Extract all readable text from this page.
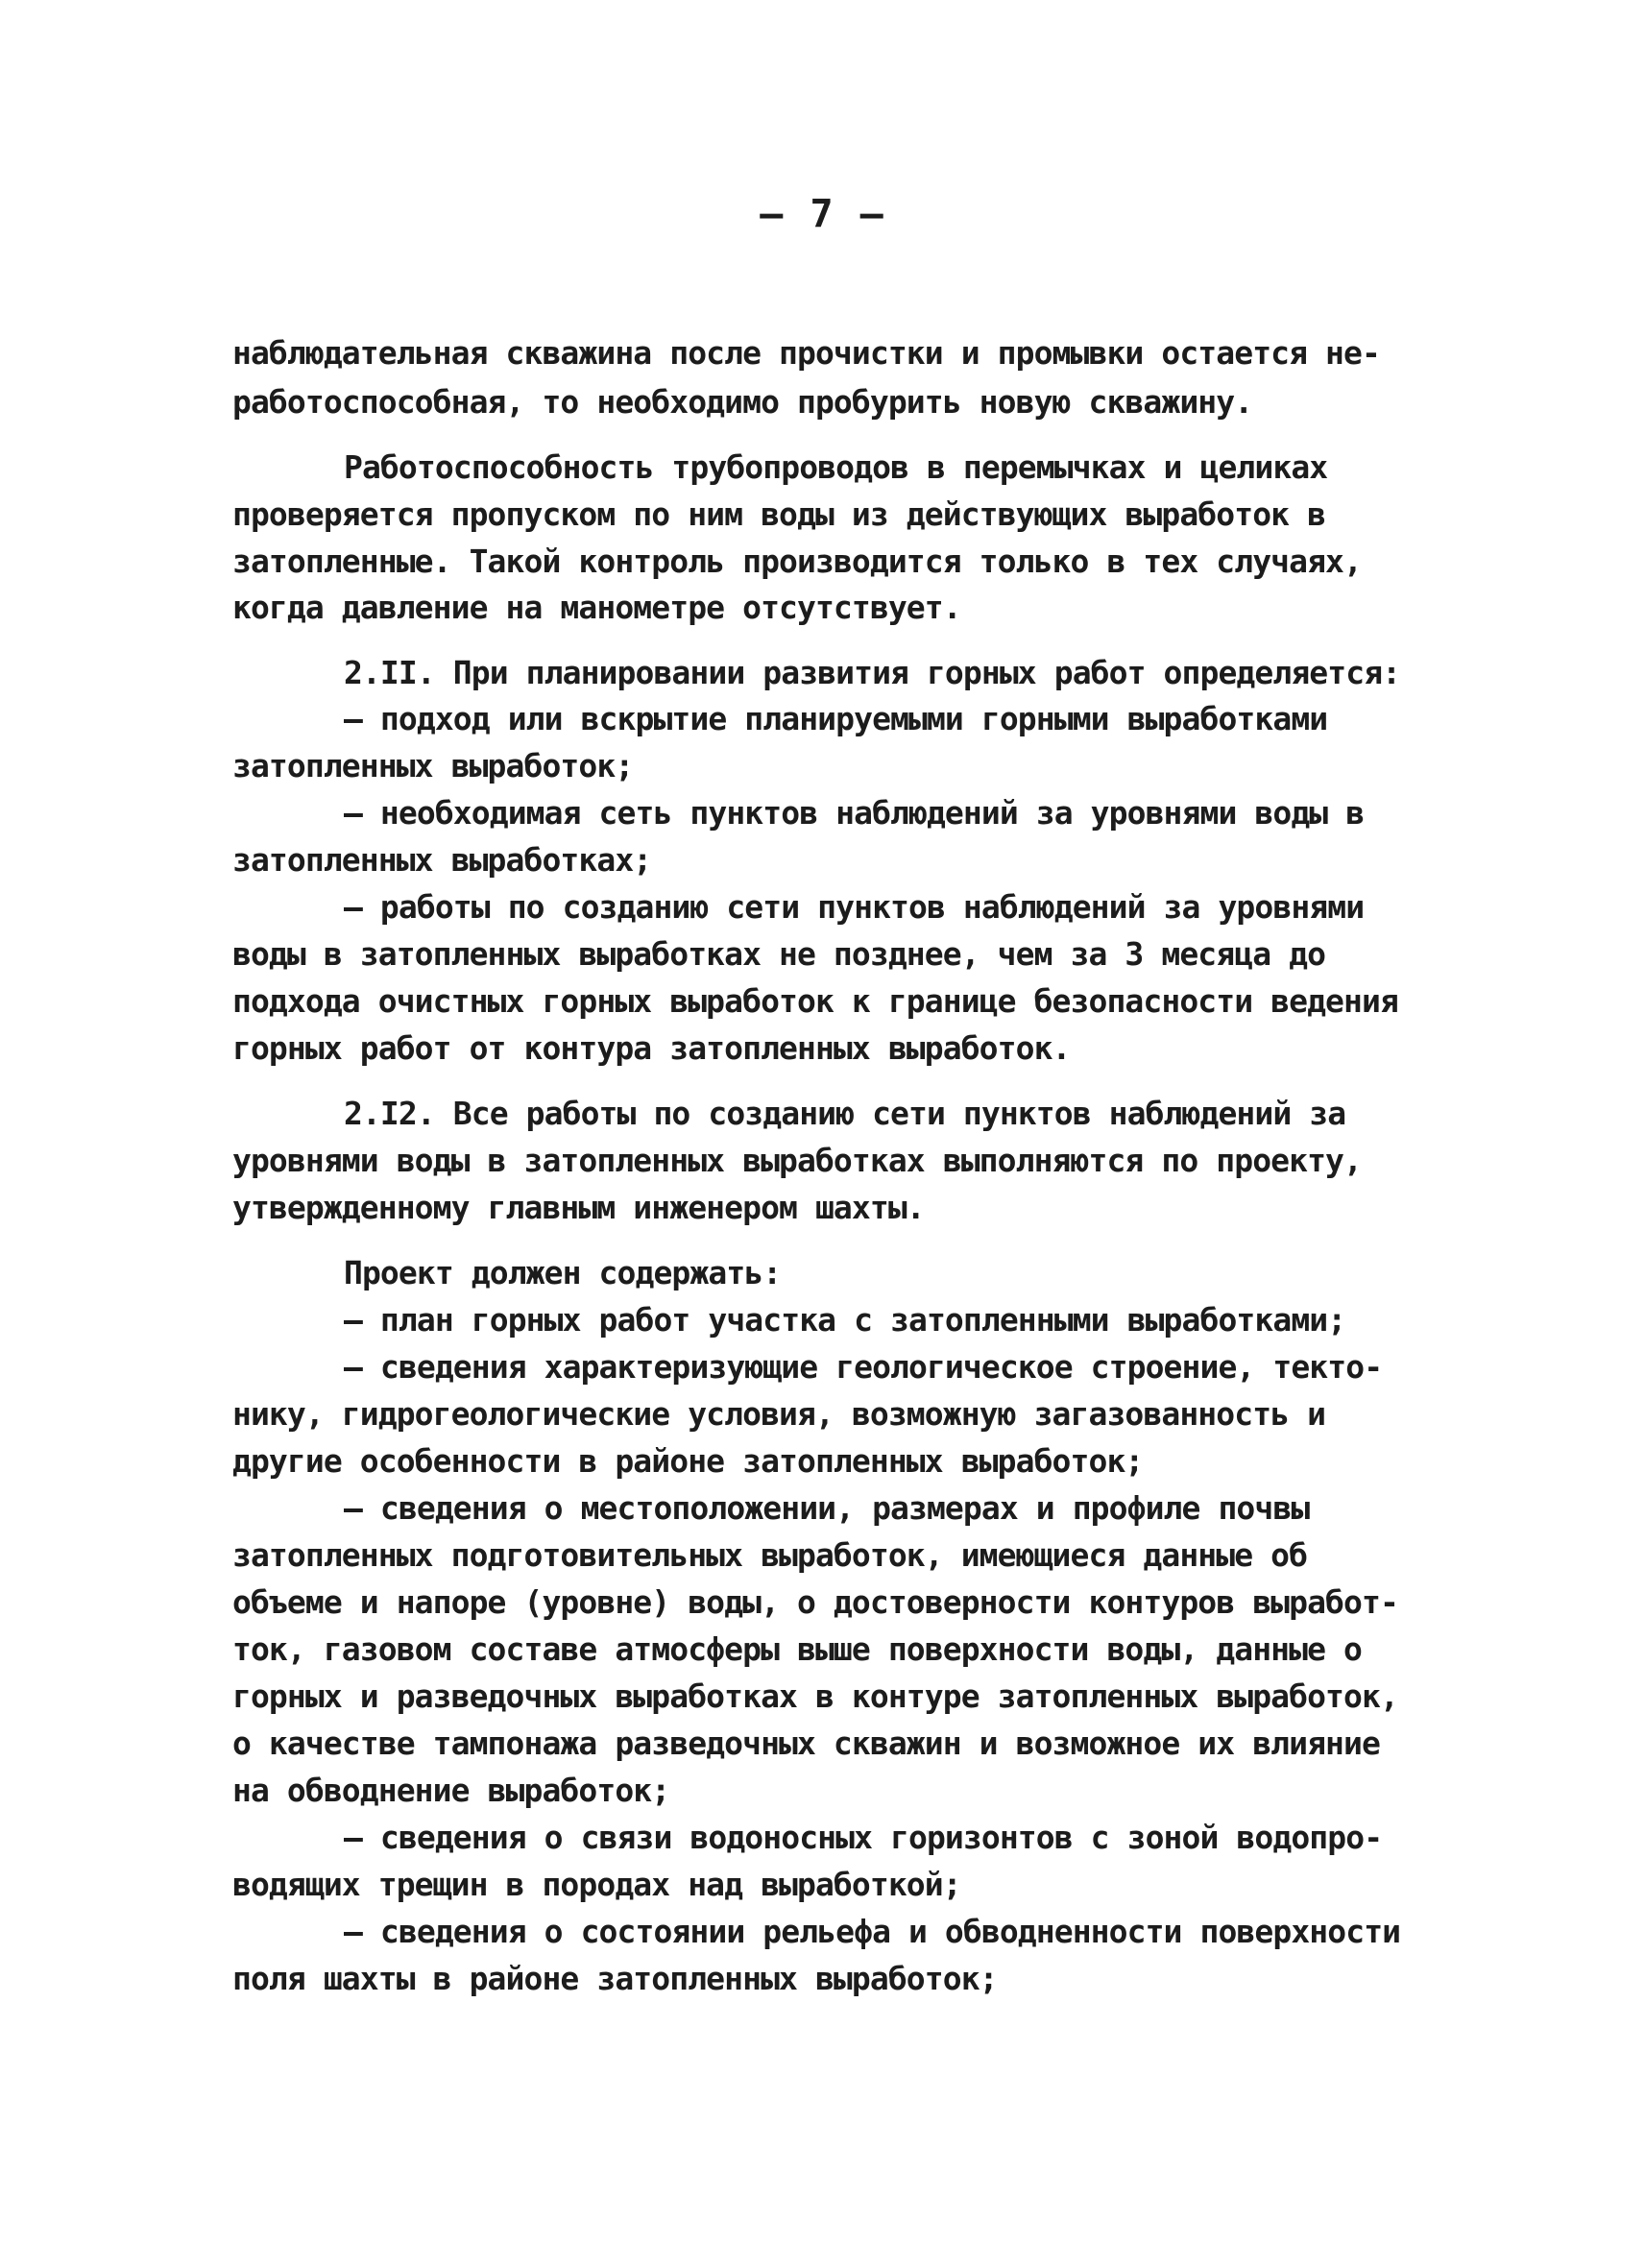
– 7 –
наблюдательная скважина после прочистки и промывки остается не-
работоспособная, то необходимо пробурить новую скважину.
Работоспособность трубопроводов в перемычках и целиках
проверяется пропуском по ним воды из действующих выработок в
затопленные. Такой контроль производится только в тех случаях,
когда давление на манометре отсутствует.
2.II. При планировании развития горных работ определяется:
– подход или вскрытие планируемыми горными выработками
затопленных выработок;
– необходимая сеть пунктов наблюдений за уровнями воды в
затопленных выработках;
– работы по созданию сети пунктов наблюдений за уровнями
воды в затопленных выработках не позднее, чем за 3 месяца до
подхода очистных горных выработок к границе безопасности ведения
горных работ от контура затопленных выработок.
2.I2. Все работы по созданию сети пунктов наблюдений за
уровнями воды в затопленных выработках выполняются по проекту,
утвержденному главным инженером шахты.
Проект должен содержать:
– план горных работ участка с затопленными выработками;
– сведения характеризующие геологическое строение, текто-
нику, гидрогеологические условия, возможную загазованность и
другие особенности в районе затопленных выработок;
– сведения о местоположении, размерах и профиле почвы
затопленных подготовительных выработок, имеющиеся данные об
объеме и напоре (уровне) воды, о достоверности контуров выработ-
ток, газовом составе атмосферы выше поверхности воды, данные о
горных и разведочных выработках в контуре затопленных выработок,
о качестве тампонажа разведочных скважин и возможное их влияние
на обводнение выработок;
– сведения о связи водоносных горизонтов с зоной водопро-
водящих трещин в породах над выработкой;
– сведения о состоянии рельефа и обводненности поверхности
поля шахты в районе затопленных выработок;
